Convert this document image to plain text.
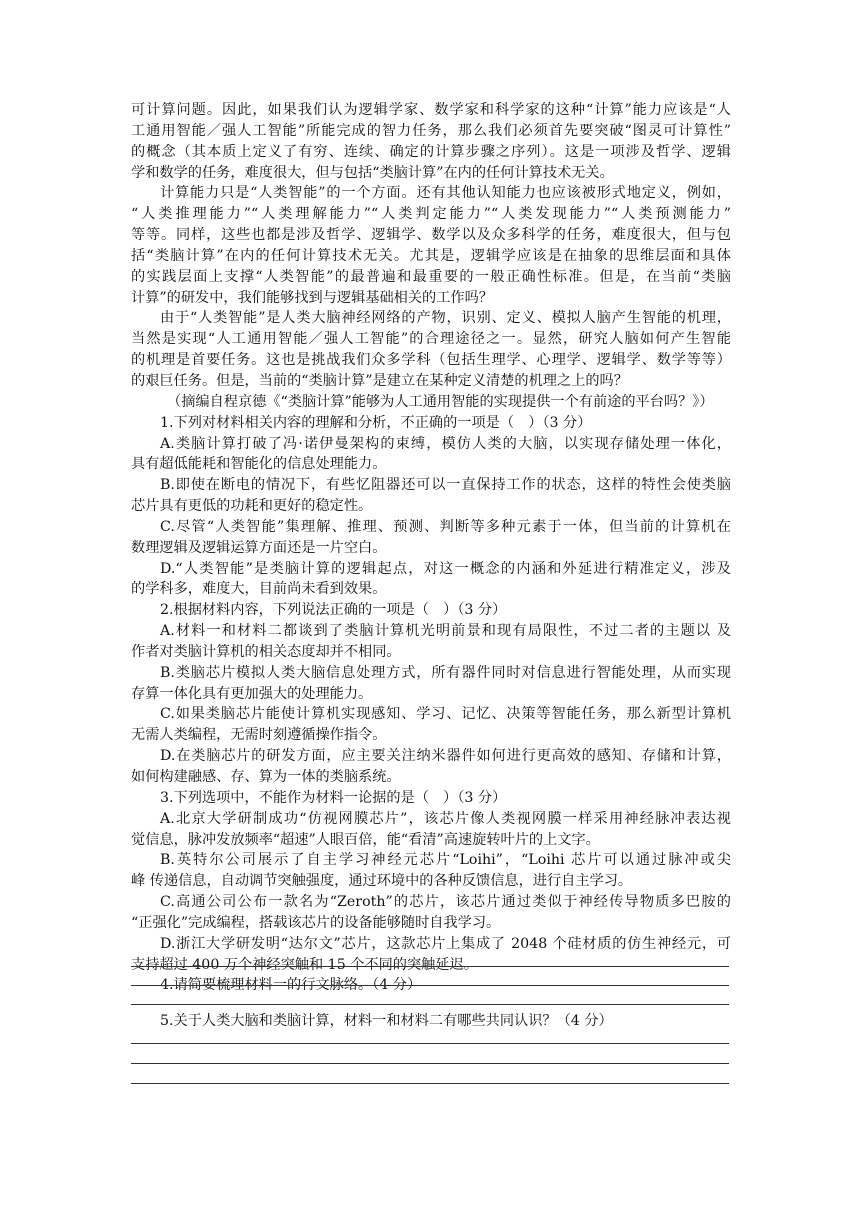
可计算问题。因此，如果我们认为逻辑学家、数学家和科学家的这种“计算”能力应该是“人
工通用智能／强人工智能”所能完成的智力任务，那么我们必须首先要突破“图灵可计算性”
的概念（其本质上定义了有穷、连续、确定的计算步骤之序列）。这是一项涉及哲学、逻辑
学和数学的任务，难度很大，但与包括“类脑计算”在内的任何计算技术无关。
计算能力只是“人类智能”的一个方面。还有其他认知能力也应该被形式地定义，例如，
“人类推理能力”“人类理解能力”“人类判定能力”“人类发现能力”“人类预测能力”
等等。同样，这些也都是涉及哲学、逻辑学、数学以及众多科学的任务，难度很大，但与包
括“类脑计算”在内的任何计算技术无关。尤其是，逻辑学应该是在抽象的思维层面和具体
的实践层面上支撑“人类智能”的最普遍和最重要的一般正确性标准。但是，在当前“类脑
计算”的研发中，我们能够找到与逻辑基础相关的工作吗？
由于“人类智能”是人类大脑神经网络的产物，识别、定义、模拟人脑产生智能的机理，
当然是实现“人工通用智能／强人工智能”的合理途径之一。显然，研究人脑如何产生智能
的机理是首要任务。这也是挑战我们众多学科（包括生理学、心理学、逻辑学、数学等等）
的艰巨任务。但是，当前的“类脑计算”是建立在某种定义清楚的机理之上的吗？
（摘编自程京德《“类脑计算”能够为人工通用智能的实现提供一个有前途的平台吗？》）
1.下列对材料相关内容的理解和分析，不正确的一项是（　）（3 分）
A.类脑计算打破了冯·诺伊曼架构的束缚，模仿人类的大脑，以实现存储处理一体化，
具有超低能耗和智能化的信息处理能力。
B.即使在断电的情况下，有些忆阻器还可以一直保持工作的状态，这样的特性会使类脑
芯片具有更低的功耗和更好的稳定性。
C.尽管“人类智能”集理解、推理、预测、判断等多种元素于一体，但当前的计算机在
数理逻辑及逻辑运算方面还是一片空白。
D.“人类智能”是类脑计算的逻辑起点，对这一概念的内涵和外延进行精准定义，涉及
的学科多，难度大，目前尚未看到效果。
2.根据材料内容，下列说法正确的一项是（　）（3 分）
A.材料一和材料二都谈到了类脑计算机光明前景和现有局限性，不过二者的主题以 及
作者对类脑计算机的相关态度却并不相同。
B.类脑芯片模拟人类大脑信息处理方式，所有器件同时对信息进行智能处理，从而实现
存算一体化具有更加强大的处理能力。
C.如果类脑芯片能使计算机实现感知、学习、记忆、决策等智能任务，那么新型计算机
无需人类编程，无需时刻遵循操作指令。
D.在类脑芯片的研发方面，应主要关注纳米器件如何进行更高效的感知、存储和计算，
如何构建融感、存、算为一体的类脑系统。
3.下列选项中，不能作为材料一论据的是（　）（3 分）
A.北京大学研制成功“仿视网膜芯片”，该芯片像人类视网膜一样采用神经脉冲表达视
觉信息，脉冲发放频率“超速”人眼百倍，能“看清”高速旋转叶片的上文字。
B.英特尔公司展示了自主学习神经元芯片“Loihi”，“Loihi 芯片可以通过脉冲或尖
峰 传递信息，自动调节突触强度，通过环境中的各种反馈信息，进行自主学习。
C.高通公司公布一款名为“Zeroth”的芯片，该芯片通过类似于神经传导物质多巴胺的
“正强化”完成编程，搭载该芯片的设备能够随时自我学习。
D.浙江大学研发明“达尔文”芯片，这款芯片上集成了 2048 个硅材质的仿生神经元，可
支持超过 400 万个神经突触和 15 个不同的突触延迟。
4.请简要梳理材料一的行文脉络。（4 分）
5.关于人类大脑和类脑计算，材料一和材料二有哪些共同认识？（4 分）
